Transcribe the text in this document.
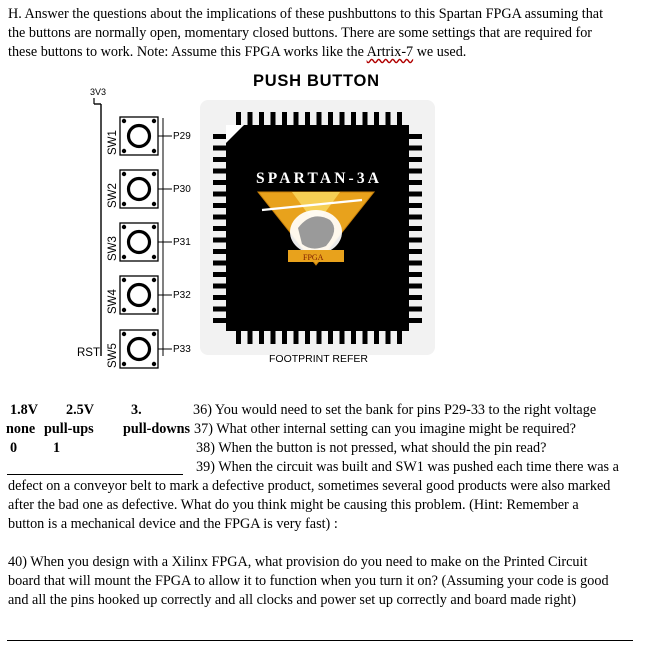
H. Answer the questions about the implications of these pushbuttons to this Spartan FPGA assuming that
the buttons are normally open, momentary closed buttons. There are some settings that are required for
these buttons to work. Note: Assume this FPGA works like the Artrix-7 we used.
PUSH BUTTON
3V3
RST
SW1	P29
SW2	P30
SW3	P31
SW4	P32
SW5	P33
SPARTAN-3A
FPGA
FOOTPRINT REFER
1.8V 2.5V	3.	36) You would need to set the bank for pins P29-33 to the right voltage
none pull-ups pull-downs 37) What other internal setting can you imagine might be required?
0	1	38) When the button is not pressed, what should the pin read?
39) When the circuit was built and SW1 was pushed each time there was a
defect on a conveyor belt to mark a defective product, sometimes several good products were also marked
after the bad one as defective. What do you think might be causing this problem. (Hint: Remember a
button is a mechanical device and the FPGA is very fast) :
40) When you design with a Xilinx FPGA, what provision do you need to make on the Printed Circuit
board that will mount the FPGA to allow it to function when you turn it on? (Assuming your code is good
and all the pins hooked up correctly and all clocks and power set up correctly and board made right)
